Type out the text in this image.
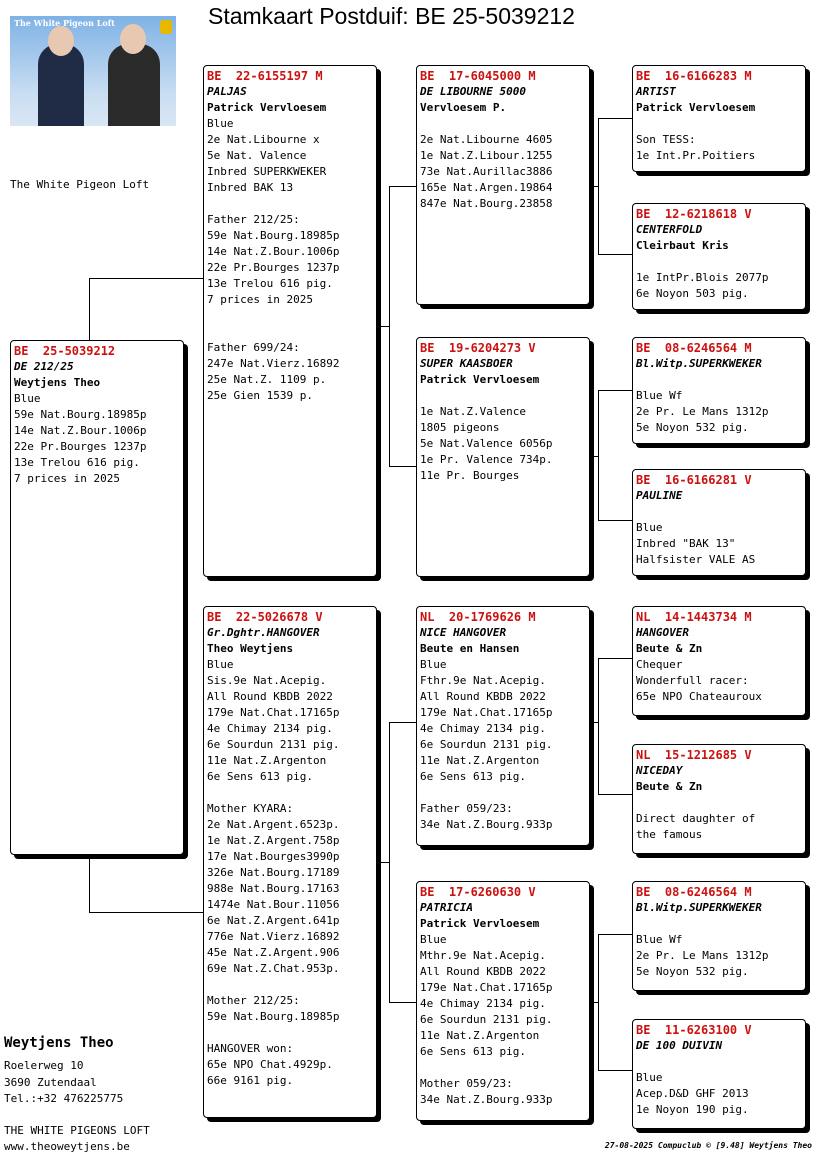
Stamkaart Postduif: BE 25-5039212
The White Pigeon Loft
The White Pigeon Loft
BE  25-5039212
DE 212/25
Weytjens Theo
Blue
59e Nat.Bourg.18985p
14e Nat.Z.Bour.1006p
22e Pr.Bourges 1237p
13e Trelou 616 pig.
7 prices in 2025
BE  22-6155197 M
PALJAS
Patrick Vervloesem
Blue
2e Nat.Libourne x
5e Nat. Valence
Inbred SUPERKWEKER
Inbred BAK 13
Father 212/25:
59e Nat.Bourg.18985p
14e Nat.Z.Bour.1006p
22e Pr.Bourges 1237p
13e Trelou 616 pig.
7 prices in 2025
Father 699/24:
247e Nat.Vierz.16892
25e Nat.Z. 1109 p.
25e Gien 1539 p.
BE  22-5026678 V
Gr.Dghtr.HANGOVER
Theo Weytjens
Blue
Sis.9e Nat.Acepig.
All Round KBDB 2022
179e Nat.Chat.17165p
4e Chimay 2134 pig.
6e Sourdun 2131 pig.
11e Nat.Z.Argenton
6e Sens 613 pig.
Mother KYARA:
2e Nat.Argent.6523p.
1e Nat.Z.Argent.758p
17e Nat.Bourges3990p
326e Nat.Bourg.17189
988e Nat.Bourg.17163
1474e Nat.Bour.11056
6e Nat.Z.Argent.641p
776e Nat.Vierz.16892
45e Nat.Z.Argent.906
69e Nat.Z.Chat.953p.
Mother 212/25:
59e Nat.Bourg.18985p
HANGOVER won:
65e NPO Chat.4929p.
66e 9161 pig.
BE  17-6045000 M
DE LIBOURNE 5000
Vervloesem P.
2e Nat.Libourne 4605
1e Nat.Z.Libour.1255
73e Nat.Aurillac3886
165e Nat.Argen.19864
847e Nat.Bourg.23858
BE  19-6204273 V
SUPER KAASBOER
Patrick Vervloesem
1e Nat.Z.Valence
1805 pigeons
5e Nat.Valence 6056p
1e Pr. Valence 734p.
11e Pr. Bourges
NL  20-1769626 M
NICE HANGOVER
Beute en Hansen
Blue
Fthr.9e Nat.Acepig.
All Round KBDB 2022
179e Nat.Chat.17165p
4e Chimay 2134 pig.
6e Sourdun 2131 pig.
11e Nat.Z.Argenton
6e Sens 613 pig.
Father 059/23:
34e Nat.Z.Bourg.933p
BE  17-6260630 V
PATRICIA
Patrick Vervloesem
Blue
Mthr.9e Nat.Acepig.
All Round KBDB 2022
179e Nat.Chat.17165p
4e Chimay 2134 pig.
6e Sourdun 2131 pig.
11e Nat.Z.Argenton
6e Sens 613 pig.
Mother 059/23:
34e Nat.Z.Bourg.933p
BE  16-6166283 M
ARTIST
Patrick Vervloesem
Son TESS:
1e Int.Pr.Poitiers
BE  12-6218618 V
CENTERFOLD
Cleirbaut Kris
1e IntPr.Blois 2077p
6e Noyon 503 pig.
BE  08-6246564 M
Bl.Witp.SUPERKWEKER
Blue Wf
2e Pr. Le Mans 1312p
5e Noyon 532 pig.
BE  16-6166281 V
PAULINE
Blue
Inbred "BAK 13"
Halfsister VALE AS
NL  14-1443734 M
HANGOVER
Beute & Zn
Chequer
Wonderfull racer:
65e NPO Chateauroux
NL  15-1212685 V
NICEDAY
Beute & Zn
Direct daughter of
the famous
BE  08-6246564 M
Bl.Witp.SUPERKWEKER
Blue Wf
2e Pr. Le Mans 1312p
5e Noyon 532 pig.
BE  11-6263100 V
DE 100 DUIVIN
Blue
Acep.D&D GHF 2013
1e Noyon 190 pig.
Weytjens Theo
Roelerweg 10
3690 Zutendaal
Tel.:+32 476225775
THE WHITE PIGEONS LOFT
www.theoweytjens.be	27-08-2025 Compuclub © [9.48] Weytjens Theo
